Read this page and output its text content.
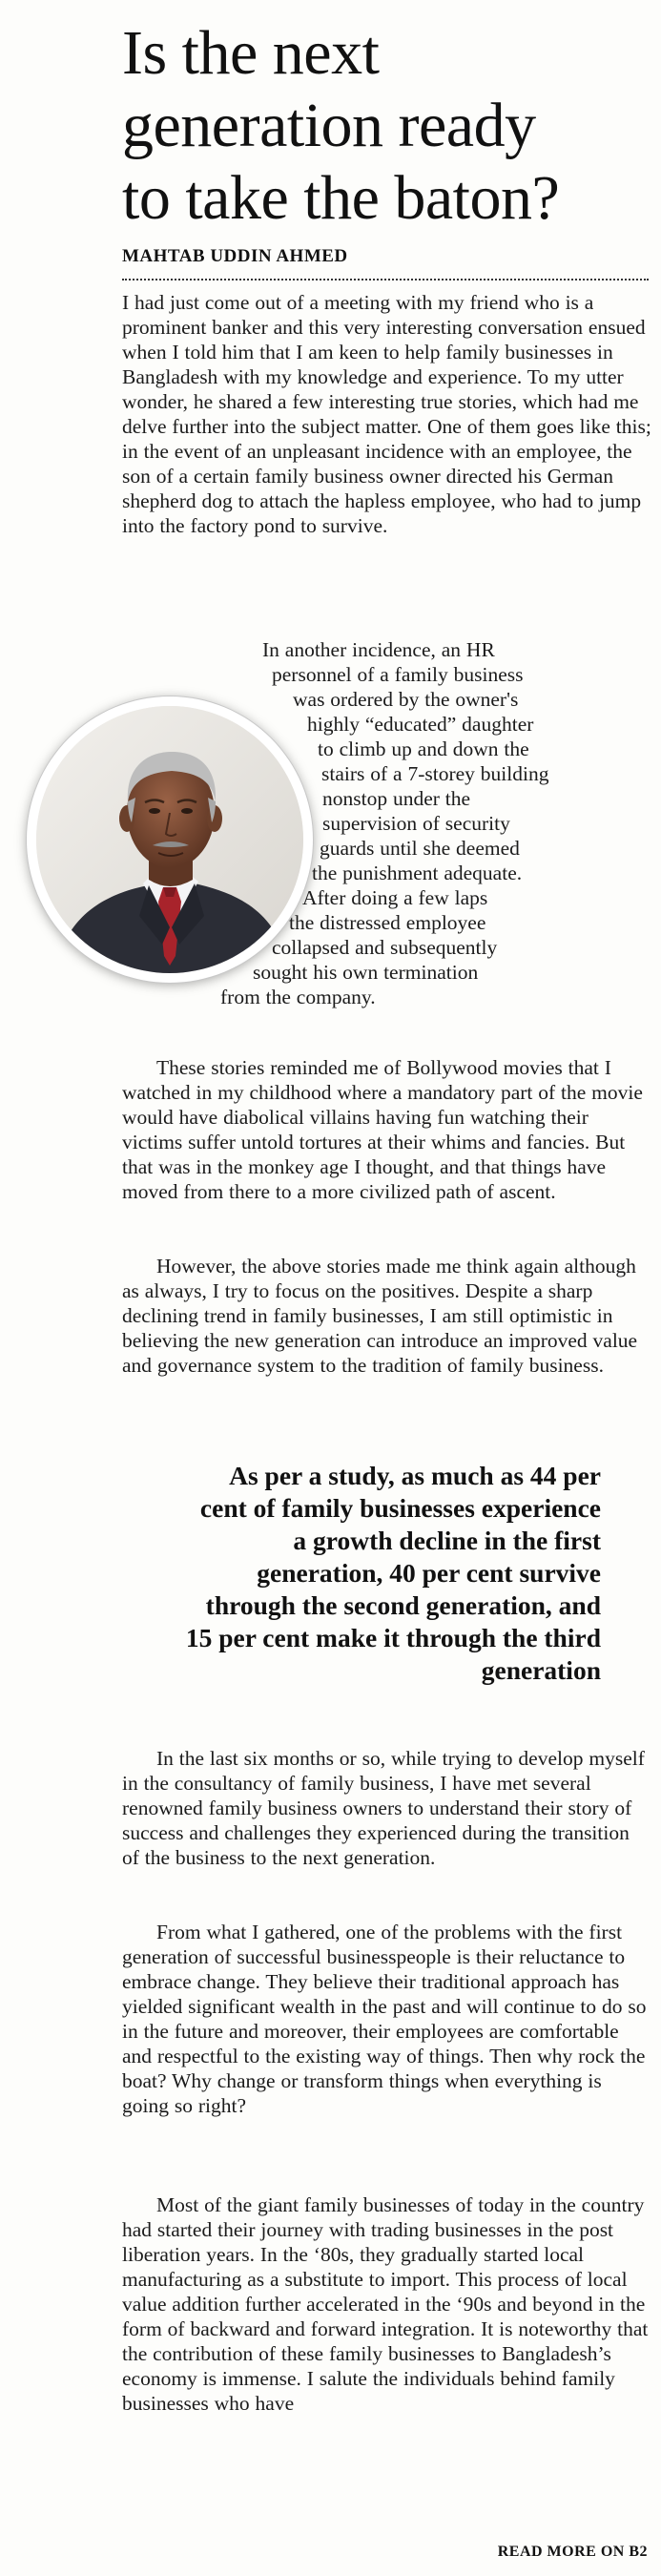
Is the next
generation ready
to take the baton?
MAHTAB UDDIN AHMED

I had just come out of a meeting with my friend who is a prominent banker and this very interesting conversation ensued when I told him that I am keen to help family businesses in Bangladesh with my knowledge and experience. To my utter wonder, he shared a few interesting true stories, which had me delve further into the subject matter. One of them goes like this; in the event of an unpleasant incidence with an employee, the son of a certain family business owner directed his German shepherd dog to attach the hapless employee, who had to jump into the factory pond to survive.

In another incidence, an HR
personnel of a family business
was ordered by the owner's
highly “educated” daughter
to climb up and down the
stairs of a 7-storey building
nonstop under the
supervision of security
guards until she deemed
the punishment adequate.
After doing a few laps
the distressed employee
collapsed and subsequently
sought his own termination
from the company.

These stories reminded me of Bollywood movies that I watched in my childhood where a mandatory part of the movie would have diabolical villains having fun watching their victims suffer untold tortures at their whims and fancies. But that was in the monkey age I thought, and that things have moved from there to a more civilized path of ascent.

However, the above stories made me think again although as always, I try to focus on the positives. Despite a sharp declining trend in family businesses, I am still optimistic in believing the new generation can introduce an improved value and governance system to the tradition of family business.

As per a study, as much as 44 per cent of family businesses experience a growth decline in the first generation, 40 per cent survive through the second generation, and 15 per cent make it through the third generation

In the last six months or so, while trying to develop myself in the consultancy of family business, I have met several renowned family business owners to understand their story of success and challenges they experienced during the transition of the business to the next generation.

From what I gathered, one of the problems with the first generation of successful businesspeople is their reluctance to embrace change. They believe their traditional approach has yielded significant wealth in the past and will continue to do so in the future and moreover, their employees are comfortable and respectful to the existing way of things. Then why rock the boat? Why change or transform things when everything is going so right?

Most of the giant family businesses of today in the country had started their journey with trading businesses in the post liberation years. In the ‘80s, they gradually started local manufacturing as a substitute to import. This process of local value addition further accelerated in the ‘90s and beyond in the form of backward and forward integration. It is noteworthy that the contribution of these family businesses to Bangladesh’s economy is immense. I salute the individuals behind family businesses who have

READ MORE ON B2
